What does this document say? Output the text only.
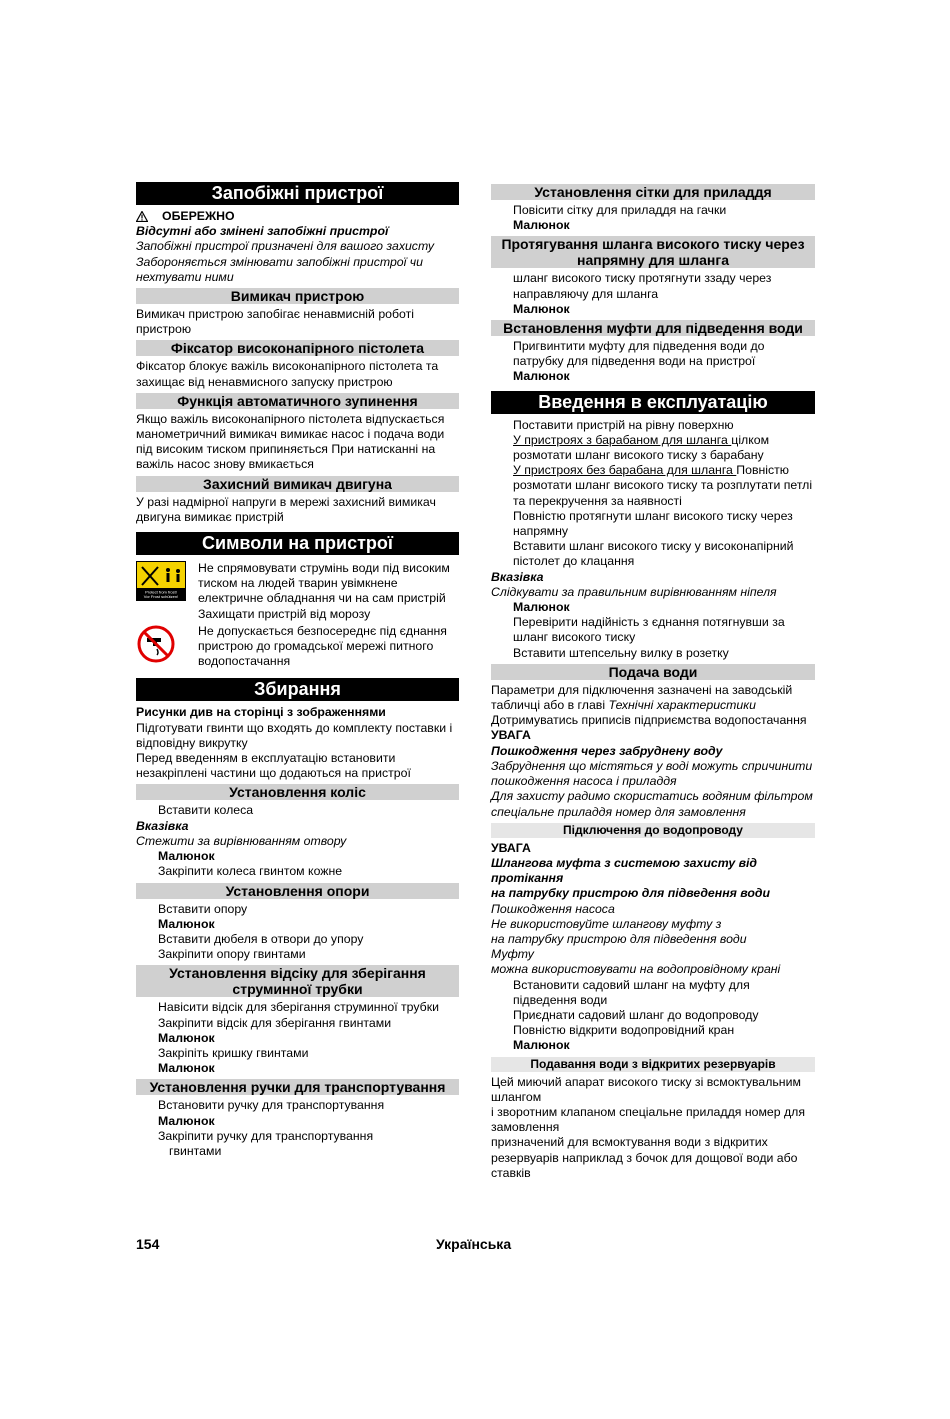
Запобіжні пристрої

ОБЕРЕЖНО

Відсутні або змінені запобіжні пристрої

Запобіжні пристрої призначені для вашого захисту Забороняється змінювати запобіжні пристрої чи нехтувати ними

Вимикач пристрою

Вимикач пристрою запобігає ненавмисній роботі пристрою

Фіксатор високонапірного пістолета

Фіксатор блокує важіль високонапірного пістолета та захищає від ненавмисного запуску пристрою

Функція автоматичного зупинення

Якщо важіль високонапірного пістолета відпускається манометричний вимикач вимикає насос і подача води під високим тиском припиняється При натисканні на важіль насос знову вмикається

Захисний вимикач двигуна

У разі надмірної напруги в мережі захисний вимикач двигуна вимикає пристрій

Символи на пристрої
Protect from frost!
Vor Frost schützen!

Не спрямовувати струмінь води під високим тиском на людей тварин увімкнене електричне обладнання чи на сам пристрій

Захищати пристрій від морозу

Не допускається безпосереднє під єднання пристрою до громадської мережі питного водопостачання

Збирання

Рисунки див на сторінці з зображеннями

Підготувати гвинти що входять до комплекту поставки і відповідну викрутку

Перед введенням в експлуатацію встановити незакріплені частини що додаються на пристрої

Установлення коліс

Вставити колеса

Вказівка

Стежити за вирівнюванням отвору

Малюнок

Закріпити колеса гвинтом кожне

Установлення опори

Вставити опору

Малюнок

Вставити дюбеля в отвори до упору

Закріпити опору гвинтами

Установлення відсіку для зберігання струминної трубки

Навісити відсік для зберігання струминної трубки

Закріпити відсік для зберігання гвинтами

Малюнок

Закріпіть кришку гвинтами

Малюнок

Установлення ручки для транспортування

Встановити ручку для транспортування

Малюнок

Закріпити ручку для транспортування

гвинтами

Установлення сітки для приладдя

Повісити сітку для приладдя на гачки

Малюнок

Протягування шланга високого тиску через напрямну для шланга

шланг високого тиску протягнути ззаду через направляючу для шланга

Малюнок

Встановлення муфти для підведення води

Пригвинтити муфту для підведення води до патрубку для підведення води на пристрої

Малюнок

Введення в експлуатацію

Поставити пристрій на рівну поверхню

У пристроях з барабаном для шланга цілком розмотати шланг високого тиску з барабану

У пристроях без барабана для шланга Повністю розмотати шланг високого тиску та розплутати петлі та перекручення за наявності

Повністю протягнути шланг високого тиску через напрямну

Вставити шланг високого тиску у високонапірний пістолет до клацання

Вказівка

Слідкувати за правильним вирівнюванням ніпеля

Малюнок

Перевірити надійність з єднання потягнувши за шланг високого тиску

Вставити штепсельну вилку в розетку

Подача води

Параметри для підключення зазначені на заводській табличці або в главі Технічні характеристики

Дотримуватись приписів підприємства водопостачання

УВАГА

Пошкодження через забруднену воду

Забруднення що містяться у воді можуть спричинити пошкодження насоса і приладдя

Для захисту радимо скористатись водяним фільтром

спеціальне приладдя номер для замовлення

Підключення до водопроводу

УВАГА

Шлангова муфта з системою захисту від протікання

на патрубку пристрою для підведення води

Пошкодження насоса

Не використовуйте шлангову муфту з

на патрубку пристрою для підведення води

Муфту

можна використовувати на водопровідному крані

Встановити садовий шланг на муфту для підведення води

Приєднати садовий шланг до водопроводу

Повністю відкрити водопровідний кран

Малюнок

Подавання води з відкритих резервуарів

Цей миючий апарат високого тиску зі всмоктувальним шлангом

і зворотним клапаном спеціальне приладдя номер для замовлення

призначений для всмоктування води з відкритих резервуарів наприклад з бочок для дощової води або ставків

154	Українська
